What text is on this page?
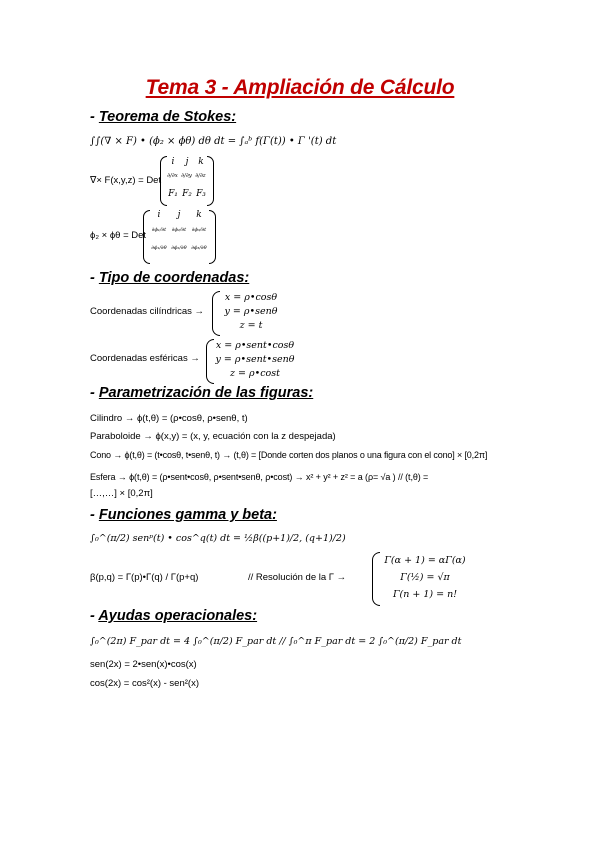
Tema 3 - Ampliación de Cálculo
- Teorema de Stokes:
∫∫(∇ × F) • (ϕ₂ × ϕθ) dθ dt = ∫ₐᵇ f(Γ(t)) • Γ '(t) dt
∇× F(x,y,z) = Det
i	j	k
∂/∂x ∂/∂y ∂/∂z
F₁ F₂ F₃
ϕ₂ × ϕθ = Det
i	j	k
∂ϕ₁/∂t	∂ϕ₂/∂t	∂ϕ₃/∂t
∂ϕ₁/∂θ ∂ϕ₂/∂θ ∂ϕ₃/∂θ
- Tipo de coordenadas:
Coordenadas cilíndricas →
x = ρ•cosθ
y = ρ•senθ
z = t
Coordenadas esféricas →
x = ρ•sent•cosθ
y = ρ•sent•senθ
z = ρ•cost
- Parametrización de las figuras:
Cilindro → ϕ(t,θ) = (ρ•cosθ, ρ•senθ, t)
Paraboloide → ϕ(x,y) = (x, y, ecuación con la z despejada)
Cono → ϕ(t,θ) = (t•cosθ, t•senθ, t) → (t,θ) = [Donde corten dos planos o una figura con el cono] × [0,2π]
Esfera → ϕ(t,θ) = (ρ•sent•cosθ, ρ•sent•senθ, ρ•cost) → x² + y² + z² = a (ρ= √a ) // (t,θ) =
[…,…] × [0,2π]
- Funciones gamma y beta:
∫₀^(π/2) senᵖ(t) • cos^q(t) dt = ½β((p+1)/2, (q+1)/2)
β(p,q) = Γ(p)•Γ(q) / Γ(p+q)	// Resolución de la Γ →
Γ(α + 1) = αΓ(α)
Γ(½) = √π
Γ(n + 1) = n!
- Ayudas operacionales:
∫₀^(2π) F_par dt = 4 ∫₀^(π/2) F_par dt // ∫₀^π F_par dt = 2 ∫₀^(π/2) F_par dt
sen(2x) = 2•sen(x)•cos(x)
cos(2x) = cos²(x) - sen²(x)
